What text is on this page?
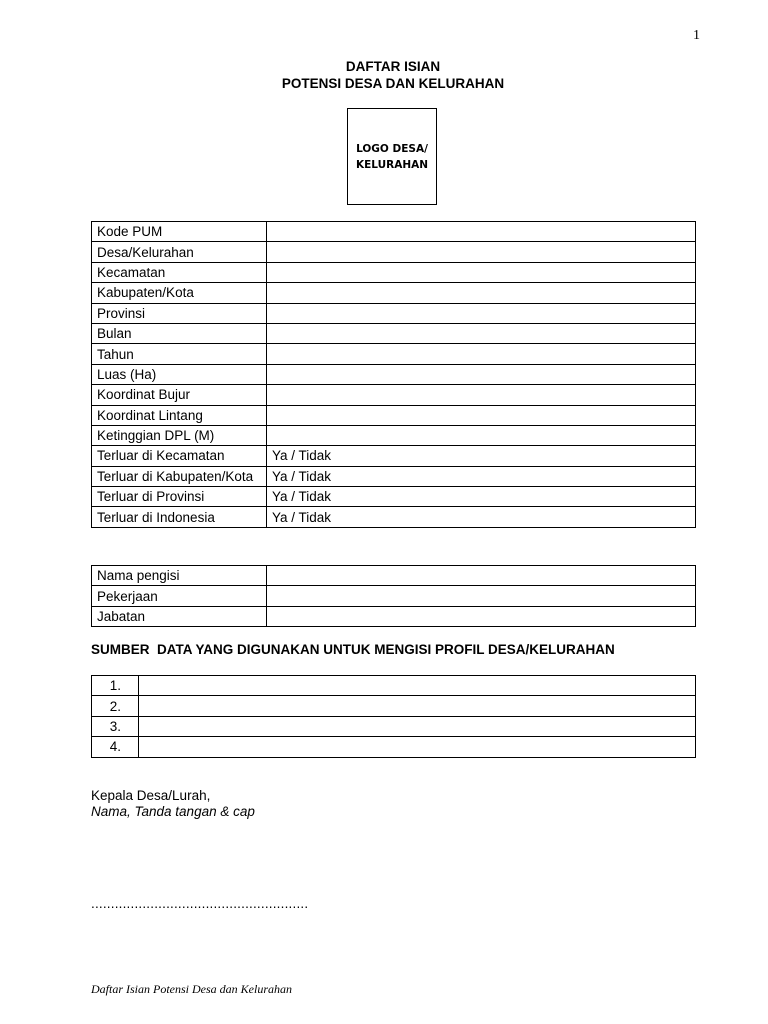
1
DAFTAR ISIAN
POTENSI DESA DAN KELURAHAN
LOGO DESA/
KELURAHAN
Kode PUM	
Desa/Kelurahan	
Kecamatan	
Kabupaten/Kota	
Provinsi	
Bulan	
Tahun	
Luas (Ha)	
Koordinat Bujur	
Koordinat Lintang	
Ketinggian DPL (M)	
Terluar di Kecamatan	Ya / Tidak
Terluar di Kabupaten/Kota	Ya / Tidak
Terluar di Provinsi	Ya / Tidak
Terluar di Indonesia	Ya / Tidak
Nama pengisi	
Pekerjaan	
Jabatan	
SUMBER  DATA YANG DIGUNAKAN UNTUK MENGISI PROFIL DESA/KELURAHAN
1.	
2.	
3.	
4.	
Kepala Desa/Lurah,
Nama, Tanda tangan & cap
.......................................................
Daftar Isian Potensi Desa dan Kelurahan
